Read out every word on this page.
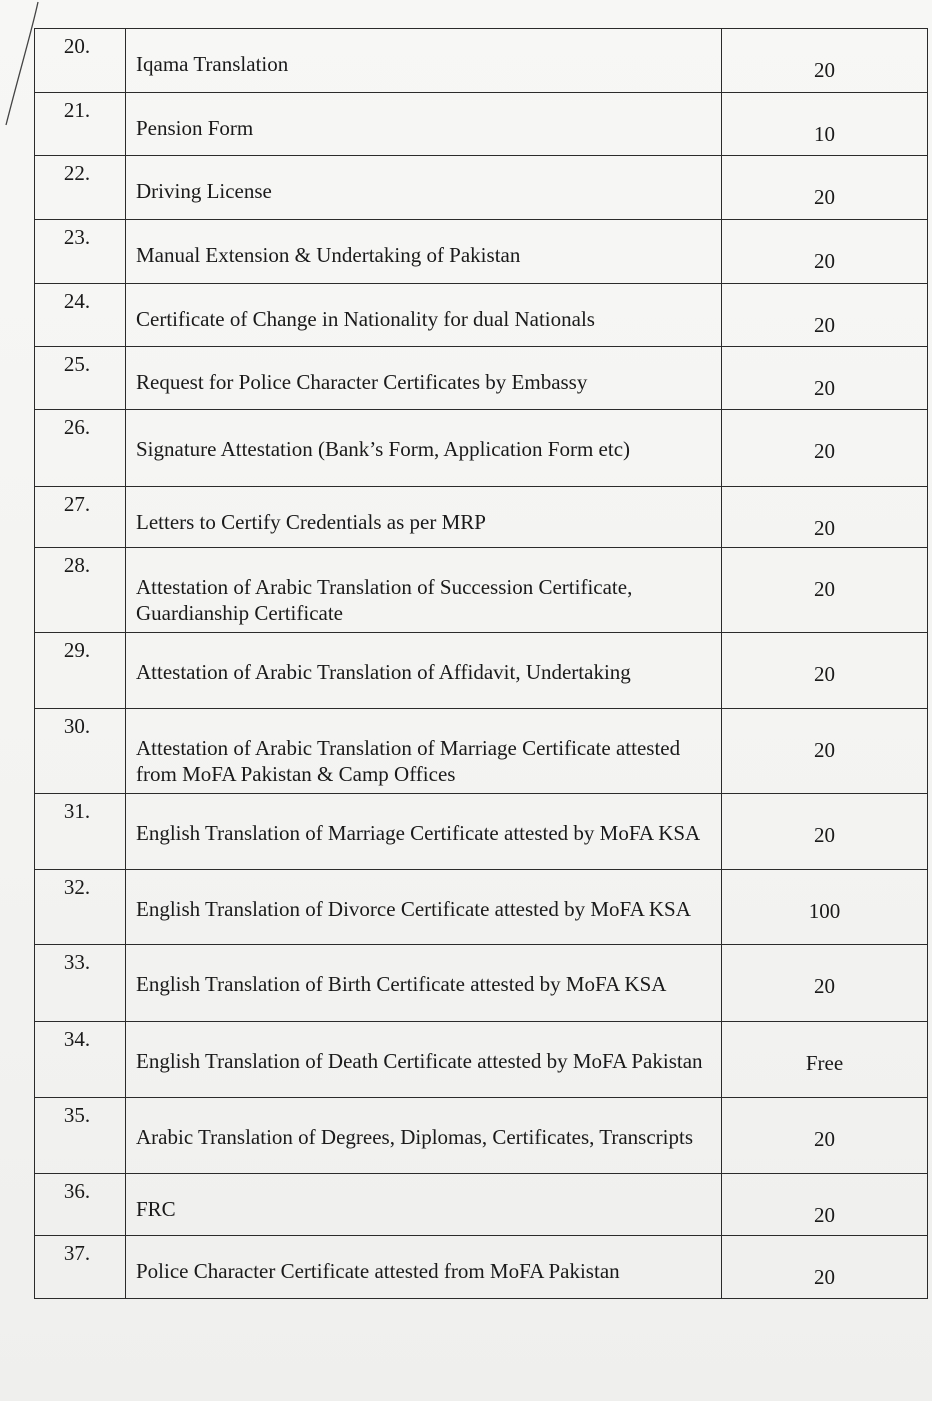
20.	Iqama Translation	20
21.	Pension Form	10
22.	Driving License	20
23.	Manual Extension & Undertaking of Pakistan	20
24.	Certificate of Change in Nationality for dual Nationals	20
25.	Request for Police Character Certificates by Embassy	20
26.	Signature Attestation (Bank’s Form, Application Form etc)	20
27.	Letters to Certify Credentials as per MRP	20
28.	Attestation of Arabic Translation of Succession Certificate, Guardianship Certificate	20
29.	Attestation of Arabic Translation of Affidavit, Undertaking	20
30.	Attestation of Arabic Translation of Marriage Certificate attested from MoFA Pakistan & Camp Offices	20
31.	English Translation of Marriage Certificate attested by MoFA KSA	20
32.	English Translation of Divorce Certificate attested by MoFA KSA	100
33.	English Translation of Birth Certificate attested by MoFA KSA	20
34.	English Translation of Death Certificate attested by MoFA Pakistan	Free
35.	Arabic Translation of Degrees, Diplomas, Certificates, Transcripts	20
36.	FRC	20
37.	Police Character Certificate attested from MoFA Pakistan	20
